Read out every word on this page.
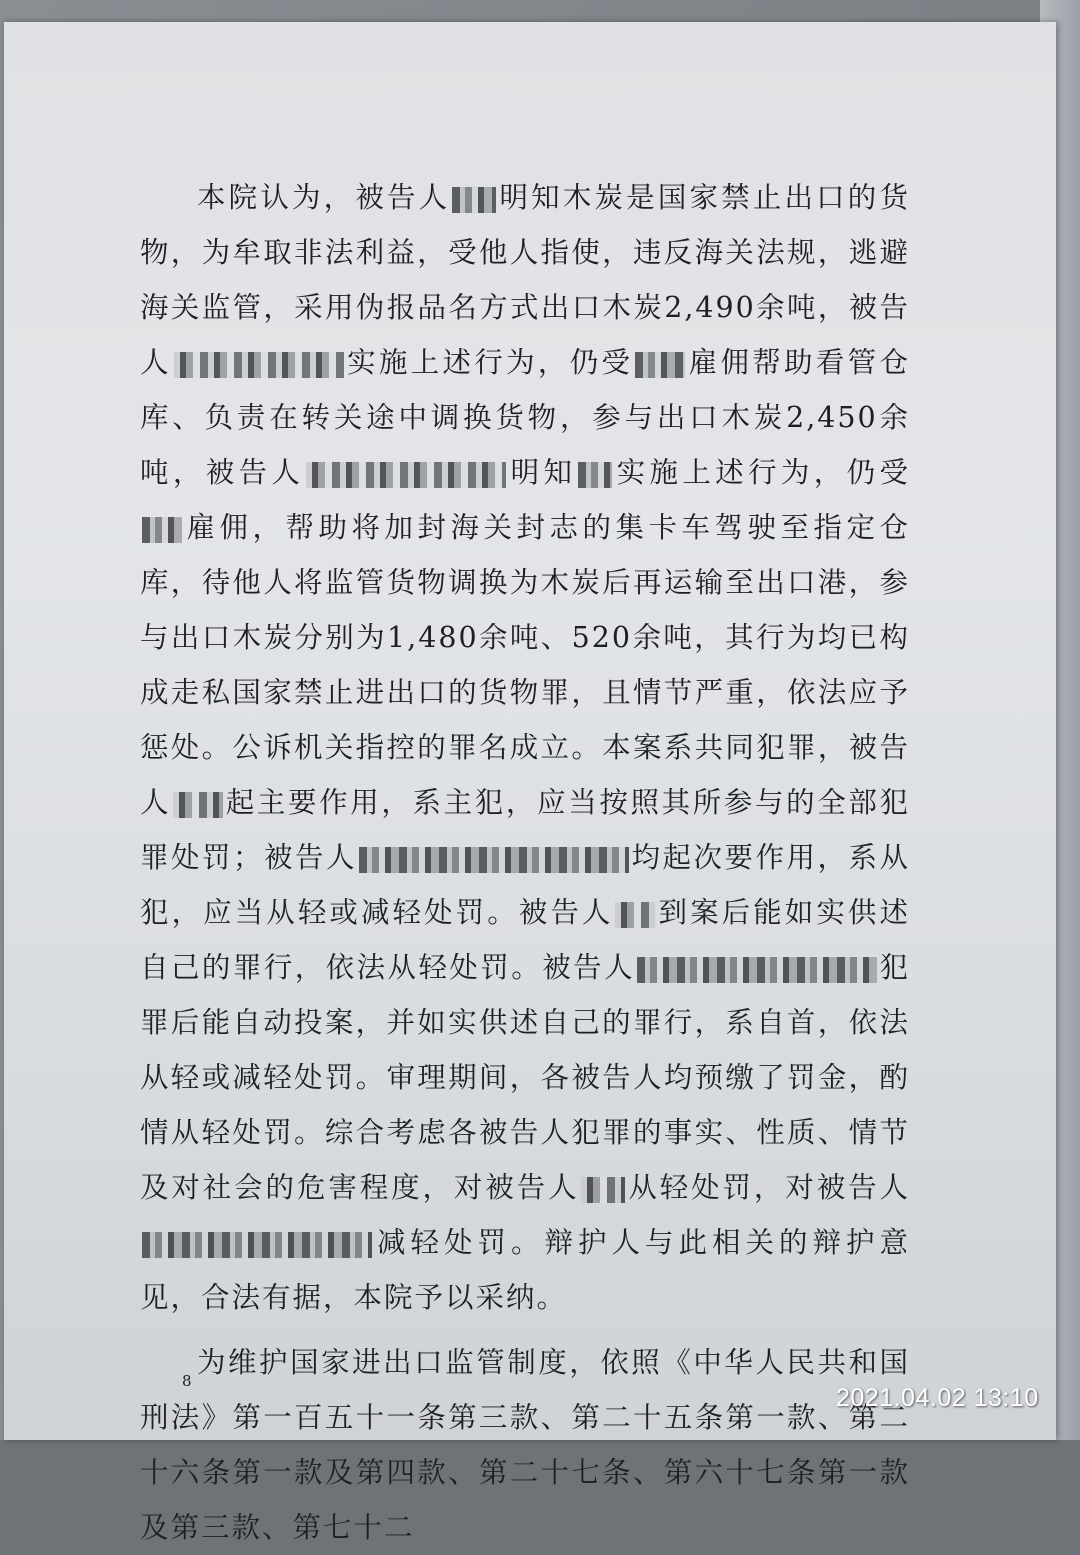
本院认为，被告人 明知木炭是国家禁止出口的货物，为牟取非法利益，受他人指使，违反海关法规，逃避海关监管，采用伪报品名方式出口木炭2,490余吨，被告人	实施上述行为，仍受 雇佣帮助看管仓库、负责在转关途中调换货物，参与出口木炭2,450余吨，被告人	明知 实施上述行为，仍受雇佣，帮助将加封海关封志的集卡车驾驶至指定仓库，待他人将监管货物调换为木炭后再运输至出口港，参与出口木炭分别为1,480余吨、520余吨，其行为均已构成走私国家禁止进出口的货物罪，且情节严重，依法应予惩处。公诉机关指控的罪名成立。本案系共同犯罪，被告人 起主要作用，系主犯，应当按照其所参与的全部犯罪处罚；被告人	均起次要作用，系从犯，应当从轻或减轻处罚。被告人 到案后能如实供述自己的罪行，依法从轻处罚。被告人	犯罪后能自动投案，并如实供述自己的罪行，系自首，依法从轻或减轻处罚。审理期间，各被告人均预缴了罚金，酌情从轻处罚。综合考虑各被告人犯罪的事实、性质、情节及对社会的危害程度，对被告人 从轻处罚，对被告人减轻处罚。辩护人与此相关的辩护意见，合法有据，本院予以采纳。

为维护国家进出口监管制度，依照《中华人民共和国刑法》第一百五十一条第三款、第二十五条第一款、第二十六条第一款及第四款、第二十七条、第六十七条第一款及第三款、第七十二

8
2021.04.02 13:10
